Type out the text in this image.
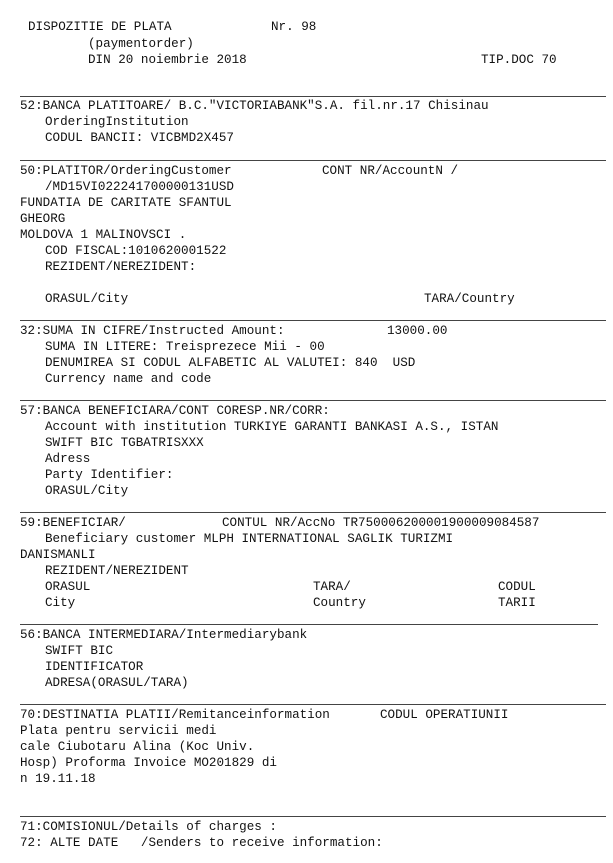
DISPOZITIE DE PLATA	Nr. 98
(paymentorder)
DIN 20 noiembrie 2018	TIP.DOC 70
52:BANCA PLATITOARE/ B.C."VICTORIABANK"S.A. fil.nr.17 Chisinau
OrderingInstitution
CODUL BANCII: VICBMD2X457
50:PLATITOR/OrderingCustomer	CONT NR/AccountN /
/MD15VI022241700000131USD
FUNDATIA DE CARITATE SFANTUL
GHEORG
MOLDOVA 1 MALINOVSCI .
COD FISCAL:1010620001522
REZIDENT/NEREZIDENT:
ORASUL/City	TARA/Country
32:SUMA IN CIFRE/Instructed Amount:	13000.00
SUMA IN LITERE: Treisprezece Mii - 00
DENUMIREA SI CODUL ALFABETIC AL VALUTEI: 840  USD
Currency name and code
57:BANCA BENEFICIARA/CONT CORESP.NR/CORR:
Account with institution TURKIYE GARANTI BANKASI A.S., ISTAN
SWIFT BIC TGBATRISXXX
Adress
Party Identifier:
ORASUL/City
59:BENEFICIAR/	CONTUL NR/AccNo TR750006200001900009084587
Beneficiary customer MLPH INTERNATIONAL SAGLIK TURIZMI
DANISMANLI
REZIDENT/NEREZIDENT
ORASUL	TARA/	CODUL
City	Country	TARII
56:BANCA INTERMEDIARA/Intermediarybank
SWIFT BIC
IDENTIFICATOR
ADRESA(ORASUL/TARA)
70:DESTINATIA PLATII/Remitanceinformation	CODUL OPERATIUNII
Plata pentru servicii medi
cale Ciubotaru Alina (Koc Univ.
Hosp) Proforma Invoice MO201829 di
n 19.11.18
71:COMISIONUL/Details of charges :
72: ALTE DATE   /Senders to receive information:
